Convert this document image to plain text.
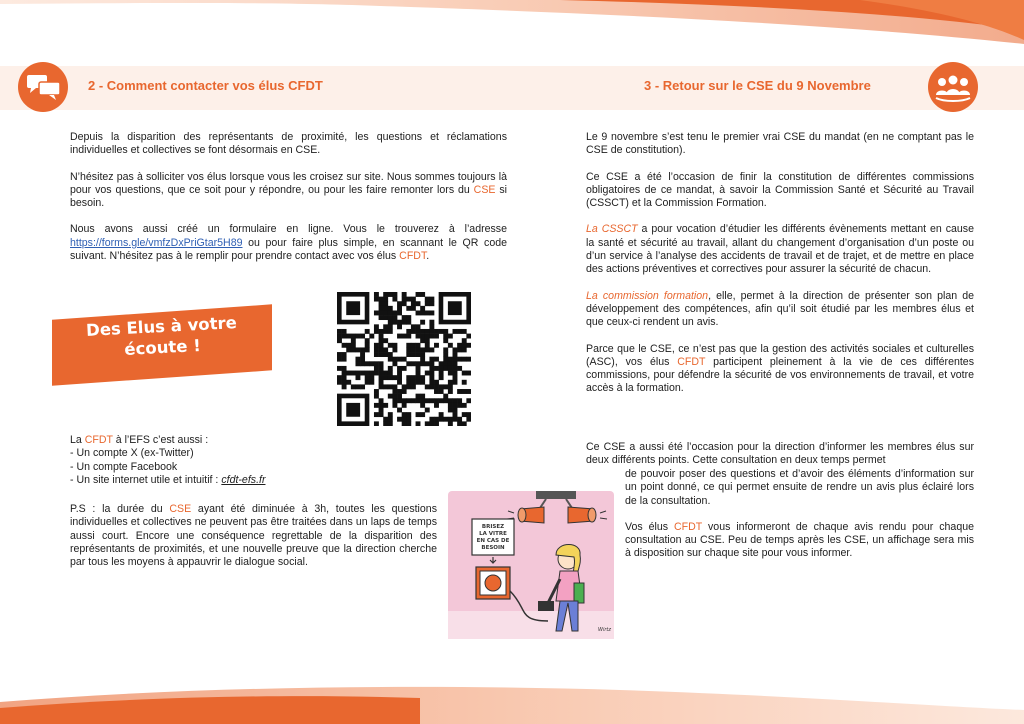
2 - Comment contacter vos élus CFDT	3 - Retour sur le CSE du 9 Novembre

Depuis la disparition des représentants de proximité, les questions et réclamations individuelles et collectives se font désormais en CSE.

N’hésitez pas à solliciter vos élus lorsque vous les croisez sur site. Nous sommes toujours là pour vos questions, que ce soit pour y répondre, ou pour les faire remonter lors du CSE si besoin.

Nous avons aussi créé un formulaire en ligne. Vous le trouverez à l’adresse https://forms.gle/vmfzDxPriGtar5H89 ou pour faire plus simple, en scannant le QR code suivant. N’hésitez pas à le remplir pour prendre contact avec vos élus CFDT.

Des Elus à votre
écoute !
La CFDT à l’EFS c’est aussi :
- Un compte X (ex-Twitter)
- Un compte Facebook
- Un site internet utile et intuitif : cfdt-efs.fr

P.S : la durée du CSE ayant été diminuée à 3h, toutes les questions individuelles et collectives ne peuvent pas être traitées dans un laps de temps aussi court. Encore une conséquence regrettable de la disparition des représentants de proximités, et une nouvelle preuve que la direction cherche par tous les moyens à appauvrir le dialogue social.

BRISEZ
LA VITRE
EN CAS DE
BESOIN
Wirtz

Le 9 novembre s’est tenu le premier vrai CSE du mandat (en ne comptant pas le CSE de constitution).

Ce CSE a été l’occasion de finir la constitution de différentes commissions obligatoires de ce mandat, à savoir la Commission Santé et Sécurité au Travail (CSSCT) et la Commission Formation.

La CSSCT a pour vocation d’étudier les différents évènements mettant en cause la santé et sécurité au travail, allant du changement d’organisation d’un poste ou d’un service à l’analyse des accidents de travail et de trajet, et de mettre en place des actions préventives et correctives pour assurer la sécurité de chacun.

La commission formation, elle, permet à la direction de présenter son plan de développement des compétences, afin qu’il soit étudié par les membres élus et que ceux-ci rendent un avis.

Parce que le CSE, ce n’est pas que la gestion des activités sociales et culturelles (ASC), vos élus CFDT participent pleinement à la vie de ces différentes commissions, pour défendre la sécurité de vos environnements de travail, et votre accès à la formation.

Ce CSE a aussi été l’occasion pour la direction d’informer les membres élus sur deux différents points. Cette consultation en deux temps permet

de pouvoir poser des questions et d’avoir des éléments d’information sur un point donné, ce qui permet ensuite de rendre un avis plus éclairé lors de la consultation.

Vos élus CFDT vous informeront de chaque avis rendu pour chaque consultation au CSE. Peu de temps après les CSE, un affichage sera mis à disposition sur chaque site pour vous informer.
